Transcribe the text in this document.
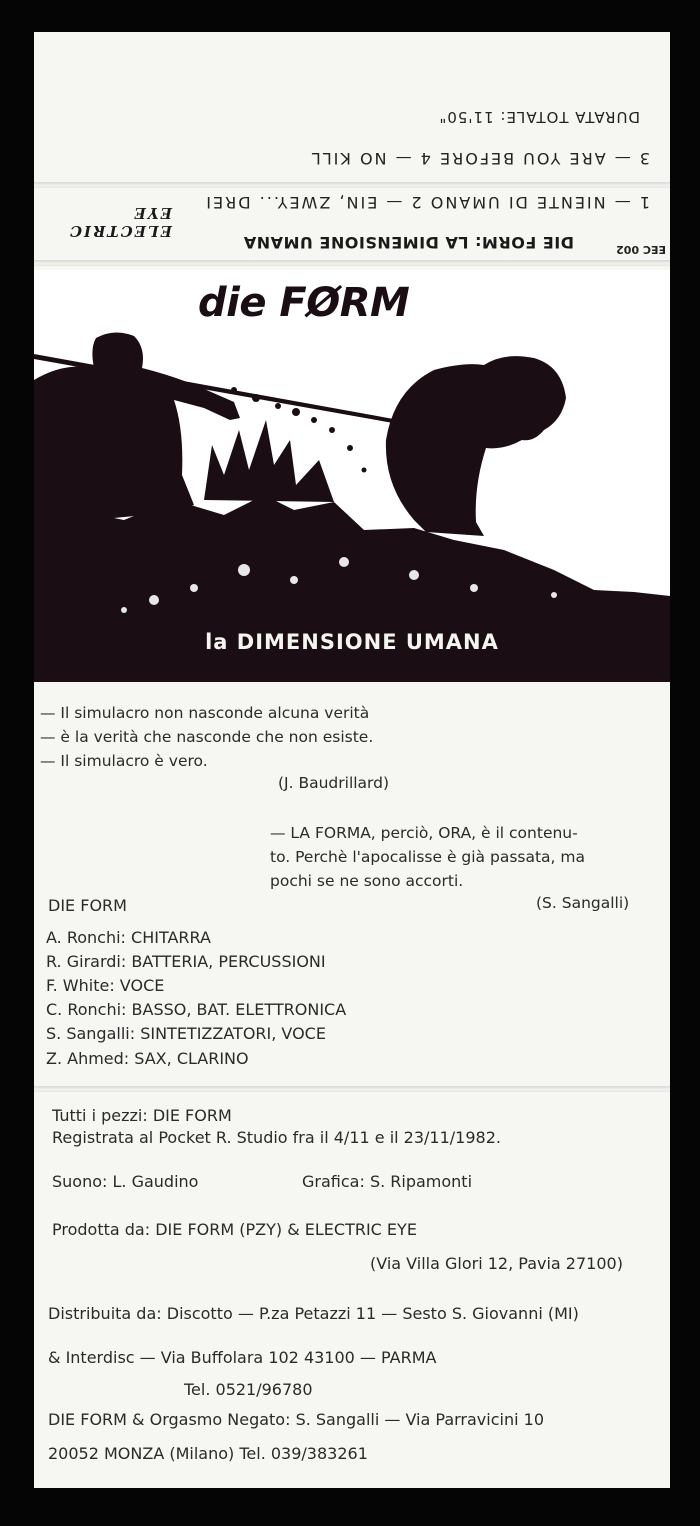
EEC 002
DIE FORM: LA DIMENSIONE UMANA
ELECTRIC EYE
1 — NIENTE DI UMANO 2 — EIN, ZWEY... DREI
3 — ARE YOU BEFORE 4 — NO KILL
DURATA TOTALE: 11'50"
die FØRM
la DIMENSIONE UMANA
— Il simulacro non nasconde alcuna verità
— è la verità che nasconde che non esiste.
— Il simulacro è vero.
(J. Baudrillard)
— LA FORMA, perciò, ORA, è il contenu-
to. Perchè l'apocalisse è già passata, ma
pochi se ne sono accorti.
(S. Sangalli)
DIE FORM
A. Ronchi: CHITARRA
R. Girardi: BATTERIA, PERCUSSIONI
F. White: VOCE
C. Ronchi: BASSO, BAT. ELETTRONICA
S. Sangalli: SINTETIZZATORI, VOCE
Z. Ahmed: SAX, CLARINO
Tutti i pezzi: DIE FORM
Registrata al Pocket R. Studio fra il 4/11 e il 23/11/1982.
Suono: L. Gaudino	Grafica: S. Ripamonti
Prodotta da: DIE FORM (PZY) & ELECTRIC EYE
(Via Villa Glori 12, Pavia 27100)
Distribuita da: Discotto — P.za Petazzi 11 — Sesto S. Giovanni (MI)
& Interdisc — Via Buffolara 102 43100 — PARMA
Tel. 0521/96780
DIE FORM & Orgasmo Negato: S. Sangalli — Via Parravicini 10
20052 MONZA (Milano) Tel. 039/383261
